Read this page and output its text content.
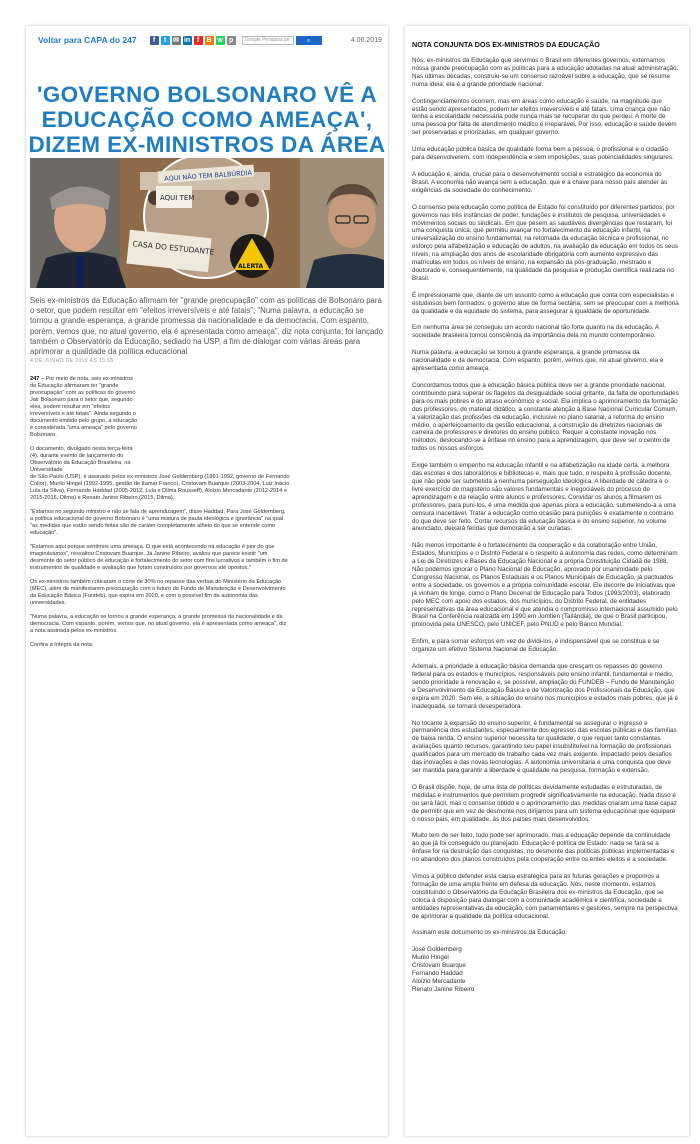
Voltar para CAPA do 247	f	t ✉ in f	B w p	Google Pesquisa pe	⌕	4.06.2019
'GOVERNO BOLSONARO VÊ A EDUCAÇÃO COMO AMEAÇA', DIZEM EX-MINISTROS DA ÁREA
AQUI NÃO TEM BALBÚRDIA
AQUI TEM
CASA DO ESTUDANTE
ALERTA

Seis ex-ministros da Educação afirmam ter "grande preocupação" com as políticas de Bolsonaro para o setor, que podem resultar em "efeitos irreversíveis e até fatais"; "Numa palavra, a educação se tornou a grande esperança, a grande promessa da nacionalidade e da democracia. Com espanto, porém, vemos que, no atual governo, ela é apresentada como ameaça", diz nota conjunta; foi lançado também o Observatório da Educação, sediado na USP, a fim de dialogar com várias áreas para aprimorar a qualidade da política educacional

4 DE JUNHO DE 2019 ÀS 13:55

247 – Por meio de nota, seis ex-ministros da Educação afirmaram ter "grande preocupação" com as políticas do governo Jair Bolsonaro para o setor que, segundo eles, podem resultar em "efeitos irreversíveis e até fatais". Ainda segundo o documento emitido pelo grupo, a educação é considerada "uma ameaça" pelo governo Bolsonaro.

O documento, divulgado nesta terça-feira (4), durante evento de lançamento do Observatório da Educação Brasileira, na Universidade
de São Paulo (USP), é assinado pelos ex-ministros José Goldemberg (1991-1992, governo de Fernando Collor), Murilo Hingel (1992-1995, gestão de Itamar Franco), Cristovam Buarque (2003-2004, Luiz Inácio Lula da Silva), Fernando Haddad (2005-2012, Lula e Dilma Rousseff), Aloizio Mercadante (2012-2014 e 2015-2016, Dilma) e Renato Janine Ribeiro (2015, Dilma).

"Estamos no segundo ministro e não se fala de aprendizagem", disse Haddad. Para José Goldemberg, a política educacional do governo Bolsonaro é "uma mistura de pauta ideológica e ignorância" na qual "as medidas que estão sendo feitas são de caráter completamente alheio do que se entende como educação".

"Estamos aqui porque sentimos uma ameaça. O que está acontecendo na educação é pior do que imaginávamos", ressaltou Cristovam Buarque. Já Janine Ribeiro, avaliou que parece existir "um desmonte do setor público de educação e fortalecimento do setor com fins lucrativos e também o fim de instrumentos de qualidade e avaliação que foram construídos por governos até opostos."

Os ex-ministros também criticaram o corte de 30% no repasse das verbas do Ministério da Educação (MEC), além de manifestarem preocupação com o futuro do Fundo de Manutenção e Desenvolvimento da Educação Básica (Fundeb), que expira em 2020, e com o possível fim da autonomia das universidades.

"Numa palavra, a educação se tornou a grande esperança, a grande promessa da nacionalidade e da democracia. Com espanto, porém, vemos que, no atual governo, ela é apresentada como ameaça", diz a nota assinada pelos ex-ministros.

Confira a íntegra da nota:

NOTA CONJUNTA DOS EX-MINISTROS DA EDUCAÇÃO

Nós, ex-ministros da Educação que servimos o Brasil em diferentes governos, externamos nossa grande preocupação com as políticas para a educação adotadas na atual administração. Nas últimas décadas, construiu-se um consenso razoável sobre a educação, que se resume numa ideia: ela é a grande prioridade nacional.

Contingenciamentos ocorrem, mas em áreas como educação e saúde, na magnitude que estão sendo apresentados, podem ter efeitos irreversíveis e até fatais. Uma criança que não tenha a escolaridade necessária pode nunca mais se recuperar do que perdeu. A morte de uma pessoa por falta de atendimento médico é irreparável. Por isso, educação e saúde devem ser preservadas e priorizadas, em qualquer governo.

Uma educação pública básica de qualidade forma bem a pessoa, o profissional e o cidadão para desenvolverem, com independência e sem imposições, suas potencialidades singulares.

A educação é, ainda, crucial para o desenvolvimento social e estratégico da economia do Brasil. A economia não avança sem a educação, que é a chave para nosso país atender às exigências da sociedade do conhecimento.

O consenso pela educação como política de Estado foi constituído por diferentes partidos, por governos nas três instâncias de poder, fundações e institutos de pesquisa, universidades e movimentos sociais ou sindicais. Em que pesem as saudáveis divergências que restaram, foi uma conquista única, que permitiu avançar no fortalecimento da educação infantil, na universalização do ensino fundamental, na retomada da educação técnica e profissional, no esforço pela alfabetização e educação de adultos, na avaliação da educação em todos os seus níveis, na ampliação dos anos de escolaridade obrigatória com aumento expressivo das matrículas em todos os níveis de ensino, na expansão da pós-graduação, mestrado e doutorado e, consequentemente, na qualidade da pesquisa e produção científica realizada no Brasil.

É impressionante que, diante de um assunto como a educação que conta com especialistas e estudiosos bem formados, o governo atue de forma sectária, sem se preocupar com a melhoria da qualidade e da equidade do sistema, para assegurar a igualdade de oportunidade.

Em nenhuma área se conseguiu um acordo nacional tão forte quanto na da educação. A sociedade brasileira tomou consciência da importância dela no mundo contemporâneo.

Numa palavra, a educação se tornou a grande esperança, a grande promessa da nacionalidade e da democracia. Com espanto, porém, vemos que, no atual governo, ela é apresentada como ameaça.

Concordamos todos que a educação básica pública deve ser a grande prioridade nacional, contribuindo para superar os flagelos da desigualdade social gritante, da falta de oportunidades para os mais pobres e do atraso econômico e social. Ela implica o aprimoramento da formação dos professores, do material didático, a constante atenção à Base Nacional Curricular Comum, a valorização das profissões da educação, inclusive no plano salarial, a reforma do ensino médio, o aperfeiçoamento da gestão educacional, a construção de diretrizes nacionais de carreira de professores e diretores do ensino público. Requer a constante inovação nos métodos, deslocando-se a ênfase no ensino para a aprendizagem, que deve ser o centro de todos os nossos esforços.

Exige também o empenho na educação infantil e na alfabetização na idade certa, a melhora das escolas e dos laboratórios e bibliotecas e, mais que tudo, o respeito à profissão docente, que não pode ser submetida a nenhuma perseguição ideológica. A liberdade de cátedra e o livre exercício do magistério são valores fundamentais e inegociáveis do processo de aprendizagem e da relação entre alunos e professores. Convidar os alunos a filmarem os professores, para puni-los, é uma medida que apenas piora a educação, submetendo-a a uma censura inaceitável. Tratar a educação como ocasião para punições é exatamente o contrário do que deve ser feito. Cortar recursos da educação básica e do ensino superior, no volume anunciado, deixará feridas que demorarão a ser curadas.

Não menos importante é o fortalecimento da cooperação e da colaboração entre União, Estados, Municípios e o Distrito Federal e o respeito à autonomia das redes, como determinam a Lei de Diretrizes e Bases da Educação Nacional e a própria Constituição Cidadã de 1988. Não podemos ignorar o Plano Nacional de Educação, aprovado por unanimidade pelo Congresso Nacional, os Planos Estaduais e os Planos Municipais de Educação, já pactuados entre a sociedade, os governos e a própria comunidade escolar. Ele decorre de iniciativas que já vinham de longe, como o Plano Decenal de Educação para Todos (1993/2003), elaborado pelo MEC com apoio dos estados, dos municípios, do Distrito Federal, de entidades representativas da área educacional e que atendia o compromisso internacional assumido pelo Brasil na Conferência realizada em 1990 em Jomtien (Tailândia), de que o Brasil participou, promovida pela UNESCO, pelo UNICEF, pelo PNUD e pelo Banco Mundial.

Enfim, e para somar esforços em vez de dividi-los, é indispensável que se constitua e se organize um efetivo Sistema Nacional de Educação.

Ademais, a prioridade à educação básica demanda que cresçam os repasses do governo federal para os estados e municípios, responsáveis pelo ensino infantil, fundamental e médio, sendo prioridade a renovação e, se possível, ampliação do FUNDEB – Fundo de Manutenção e Desenvolvimento da Educação Básica e de Valorização dos Profissionais da Educação, que expira em 2020. Sem ele, a situação do ensino nos municípios e estados mais pobres, que já é inadequada, se tornará desesperadora.

No tocante à expansão do ensino superior, é fundamental se assegurar o ingresso e permanência dos estudantes, especialmente dos egressos das escolas públicas e das famílias de baixa renda. O ensino superior necessita ter qualidade, o que requer tanto constantes avaliações quanto recursos, garantindo seu papel insubstituível na formação de profissionais qualificados para um mercado de trabalho cada vez mais exigente, impactado pelos desafios das inovações e das novas tecnologias. A autonomia universitária é uma conquista que deve ser mantida para garantir a liberdade e qualidade na pesquisa, formação e extensão.

O Brasil dispõe, hoje, de uma lista de políticas devidamente estudadas e estruturadas, de medidas e instrumentos que permitem progredir significativamente na educação. Nada disso é ou será fácil, mas o consenso obtido e o aprimoramento das medidas criaram uma base capaz de permitir que em vez de desmonte nos dirijamos para um sistema educacional que equipare o nosso país, em qualidade, às dos países mais desenvolvidos.

Muito tem de ser feito, tudo pode ser aprimorado, mas a educação depende da continuidade ao que já foi conseguido ou planejado. Educação é política de Estado: nada se fará se a ênfase for na destruição das conquistas, no desmonte das políticas públicas implementadas e no abandono dos planos construídos pela cooperação entre os entes eleitos e a sociedade.

Vimos a público defender esta causa estratégica para as futuras gerações e propomos a formação de uma ampla frente em defesa da educação. Nós, neste momento, estamos constituindo o Observatório da Educação Brasileira dos ex-ministros da Educação, que se coloca à disposição para dialogar com a comunidade acadêmica e científica, sociedade e entidades representativas da educação, com parlamentares e gestores, sempre na perspectiva de aprimorar a qualidade da política educacional.

Assinam este documento os ex-ministros da Educação:

José Goldemberg

Murilo Hingel

Cristovam Buarque

Fernando Haddad

Aloizio Mercadante

Renato Janine Ribeiro
